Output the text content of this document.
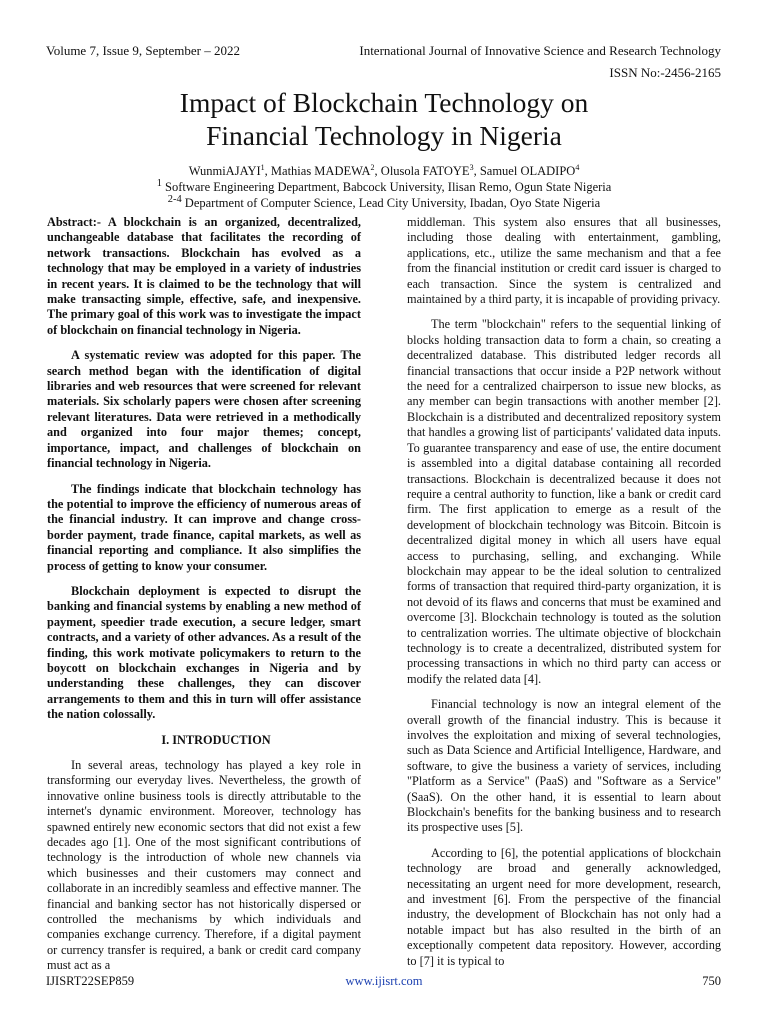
Volume 7, Issue 9, September – 2022	International Journal of Innovative Science and Research Technology
ISSN No:-2456-2165
Impact of Blockchain Technology on
Financial Technology in Nigeria
WunmiAJAYI$^1$, Mathias MADEWA$^2$, Olusola FATOYE$^3$, Samuel OLADIPO$^4$
$^1$ Software Engineering Department, Babcock University, Ilisan Remo, Ogun State Nigeria
$^{2-4}$ Department of Computer Science, Lead City University, Ibadan, Oyo State Nigeria

Abstract:- A blockchain is an organized, decentralized, unchangeable database that facilitates the recording of network transactions. Blockchain has evolved as a technology that may be employed in a variety of industries in recent years. It is claimed to be the technology that will make transacting simple, effective, safe, and inexpensive. The primary goal of this work was to investigate the impact of blockchain on financial technology in Nigeria.

A systematic review was adopted for this paper. The search method began with the identification of digital libraries and web resources that were screened for relevant materials. Six scholarly papers were chosen after screening relevant literatures. Data were retrieved in a methodically and organized into four major themes; concept, importance, impact, and challenges of blockchain on financial technology in Nigeria.

The findings indicate that blockchain technology has the potential to improve the efficiency of numerous areas of the financial industry. It can improve and change cross-border payment, trade finance, capital markets, as well as financial reporting and compliance. It also simplifies the process of getting to know your consumer.

Blockchain deployment is expected to disrupt the banking and financial systems by enabling a new method of payment, speedier trade execution, a secure ledger, smart contracts, and a variety of other advances. As a result of the finding, this work motivate policymakers to return to the boycott on blockchain exchanges in Nigeria and by understanding these challenges, they can discover arrangements to them and this in turn will offer assistance the nation colossally.

I. INTRODUCTION

In several areas, technology has played a key role in transforming our everyday lives. Nevertheless, the growth of innovative online business tools is directly attributable to the internet's dynamic environment. Moreover, technology has spawned entirely new economic sectors that did not exist a few decades ago [1]. One of the most significant contributions of technology is the introduction of whole new channels via which businesses and their customers may connect and collaborate in an incredibly seamless and effective manner. The financial and banking sector has not historically dispersed or controlled the mechanisms by which individuals and companies exchange currency. Therefore, if a digital payment or currency transfer is required, a bank or credit card company must act as a

middleman. This system also ensures that all businesses, including those dealing with entertainment, gambling, applications, etc., utilize the same mechanism and that a fee from the financial institution or credit card issuer is charged to each transaction. Since the system is centralized and maintained by a third party, it is incapable of providing privacy.

The term "blockchain" refers to the sequential linking of blocks holding transaction data to form a chain, so creating a decentralized database. This distributed ledger records all financial transactions that occur inside a P2P network without the need for a centralized chairperson to issue new blocks, as any member can begin transactions with another member [2]. Blockchain is a distributed and decentralized repository system that handles a growing list of participants' validated data inputs. To guarantee transparency and ease of use, the entire document is assembled into a digital database containing all recorded transactions. Blockchain is decentralized because it does not require a central authority to function, like a bank or credit card firm. The first application to emerge as a result of the development of blockchain technology was Bitcoin. Bitcoin is decentralized digital money in which all users have equal access to purchasing, selling, and exchanging. While blockchain may appear to be the ideal solution to centralized forms of transaction that required third-party organization, it is not devoid of its flaws and concerns that must be examined and overcome [3]. Blockchain technology is touted as the solution to centralization worries. The ultimate objective of blockchain technology is to create a decentralized, distributed system for processing transactions in which no third party can access or modify the related data [4].

Financial technology is now an integral element of the overall growth of the financial industry. This is because it involves the exploitation and mixing of several technologies, such as Data Science and Artificial Intelligence, Hardware, and software, to give the business a variety of services, including "Platform as a Service" (PaaS) and "Software as a Service" (SaaS). On the other hand, it is essential to learn about Blockchain's benefits for the banking business and to research its prospective uses [5].

According to [6], the potential applications of blockchain technology are broad and generally acknowledged, necessitating an urgent need for more development, research, and investment [6]. From the perspective of the financial industry, the development of Blockchain has not only had a notable impact but has also resulted in the birth of an exceptionally competent data repository. However, according to [7] it is typical to

IJISRT22SEP859	www.ijisrt.com	750
